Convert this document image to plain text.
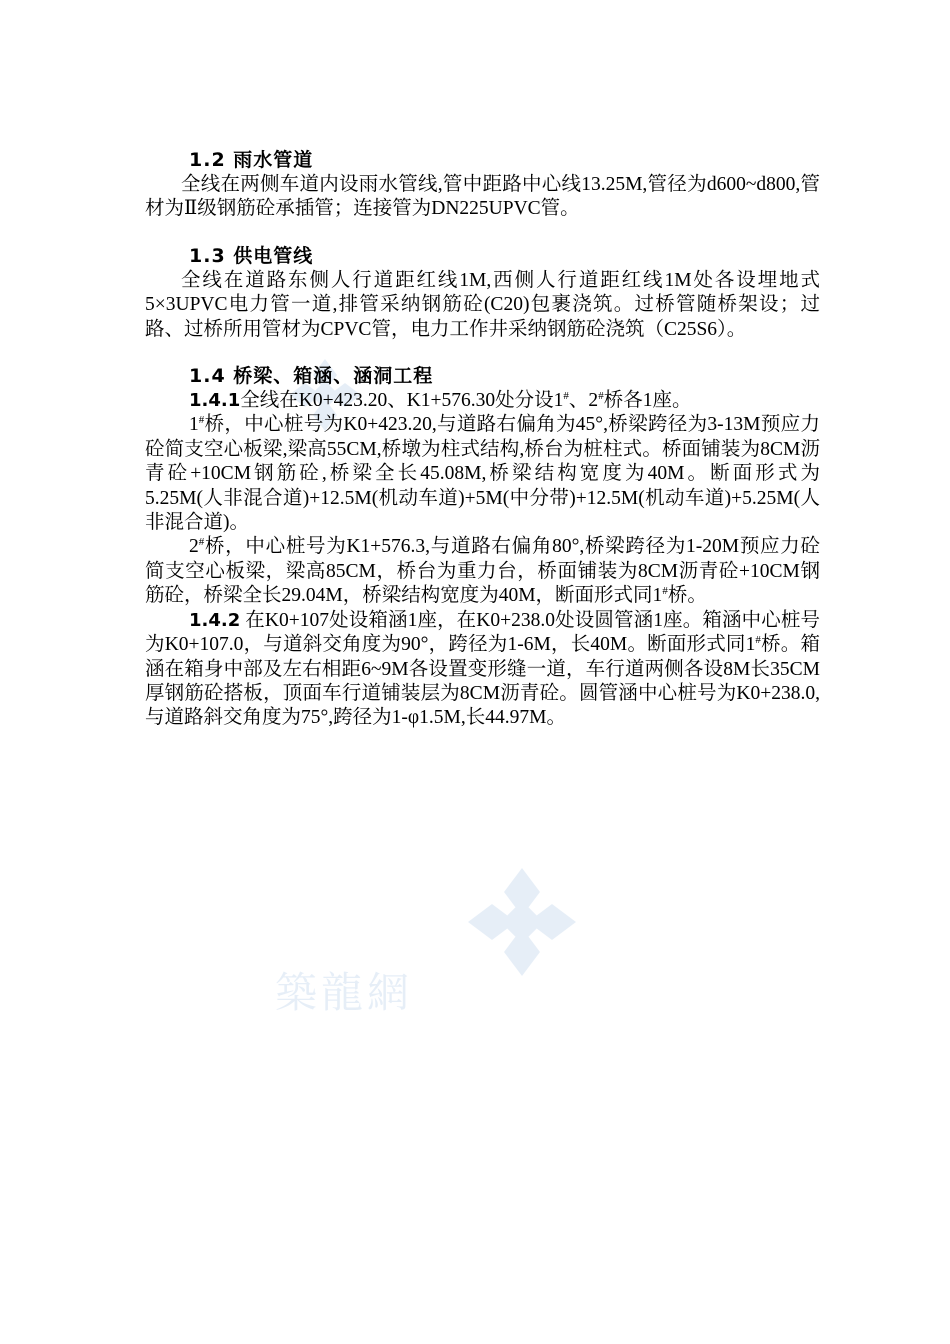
築龍網
1.2 雨水管道

全线在两侧车道内设雨水管线,管中距路中心线13.25M,管径为d600~d800,管材为Ⅱ级钢筋砼承插管；连接管为DN225UPVC管。

1.3 供电管线

全线在道路东侧人行道距红线1M,西侧人行道距红线1M处各设埋地式5×3UPVC电力管一道,排管采纳钢筋砼(C20)包裹浇筑。过桥管随桥架设；过路、过桥所用管材为CPVC管，电力工作井采纳钢筋砼浇筑（C25S6）。

1.4 桥梁、箱涵、涵洞工程

1.4.1全线在K0+423.20、K1+576.30处分设1#、2#桥各1座。

1#桥，中心桩号为K0+423.20,与道路右偏角为45°,桥梁跨径为3-13M预应力砼简支空心板梁,梁高55CM,桥墩为柱式结构,桥台为桩柱式。桥面铺装为8CM沥青砼+10CM钢筋砼,桥梁全长45.08M,桥梁结构宽度为40M。断面形式为5.25M(人非混合道)+12.5M(机动车道)+5M(中分带)+12.5M(机动车道)+5.25M(人非混合道)。

2#桥，中心桩号为K1+576.3,与道路右偏角80°,桥梁跨径为1-20M预应力砼简支空心板梁，梁高85CM，桥台为重力台，桥面铺装为8CM沥青砼+10CM钢筋砼，桥梁全长29.04M，桥梁结构宽度为40M，断面形式同1#桥。

1.4.2 在K0+107处设箱涵1座，在K0+238.0处设圆管涵1座。箱涵中心桩号为K0+107.0，与道斜交角度为90°，跨径为1-6M，长40M。断面形式同1#桥。箱涵在箱身中部及左右相距6~9M各设置变形缝一道，车行道两侧各设8M长35CM厚钢筋砼搭板，顶面车行道铺装层为8CM沥青砼。圆管涵中心桩号为K0+238.0,与道路斜交角度为75°,跨径为1-φ1.5M,长44.97M。
